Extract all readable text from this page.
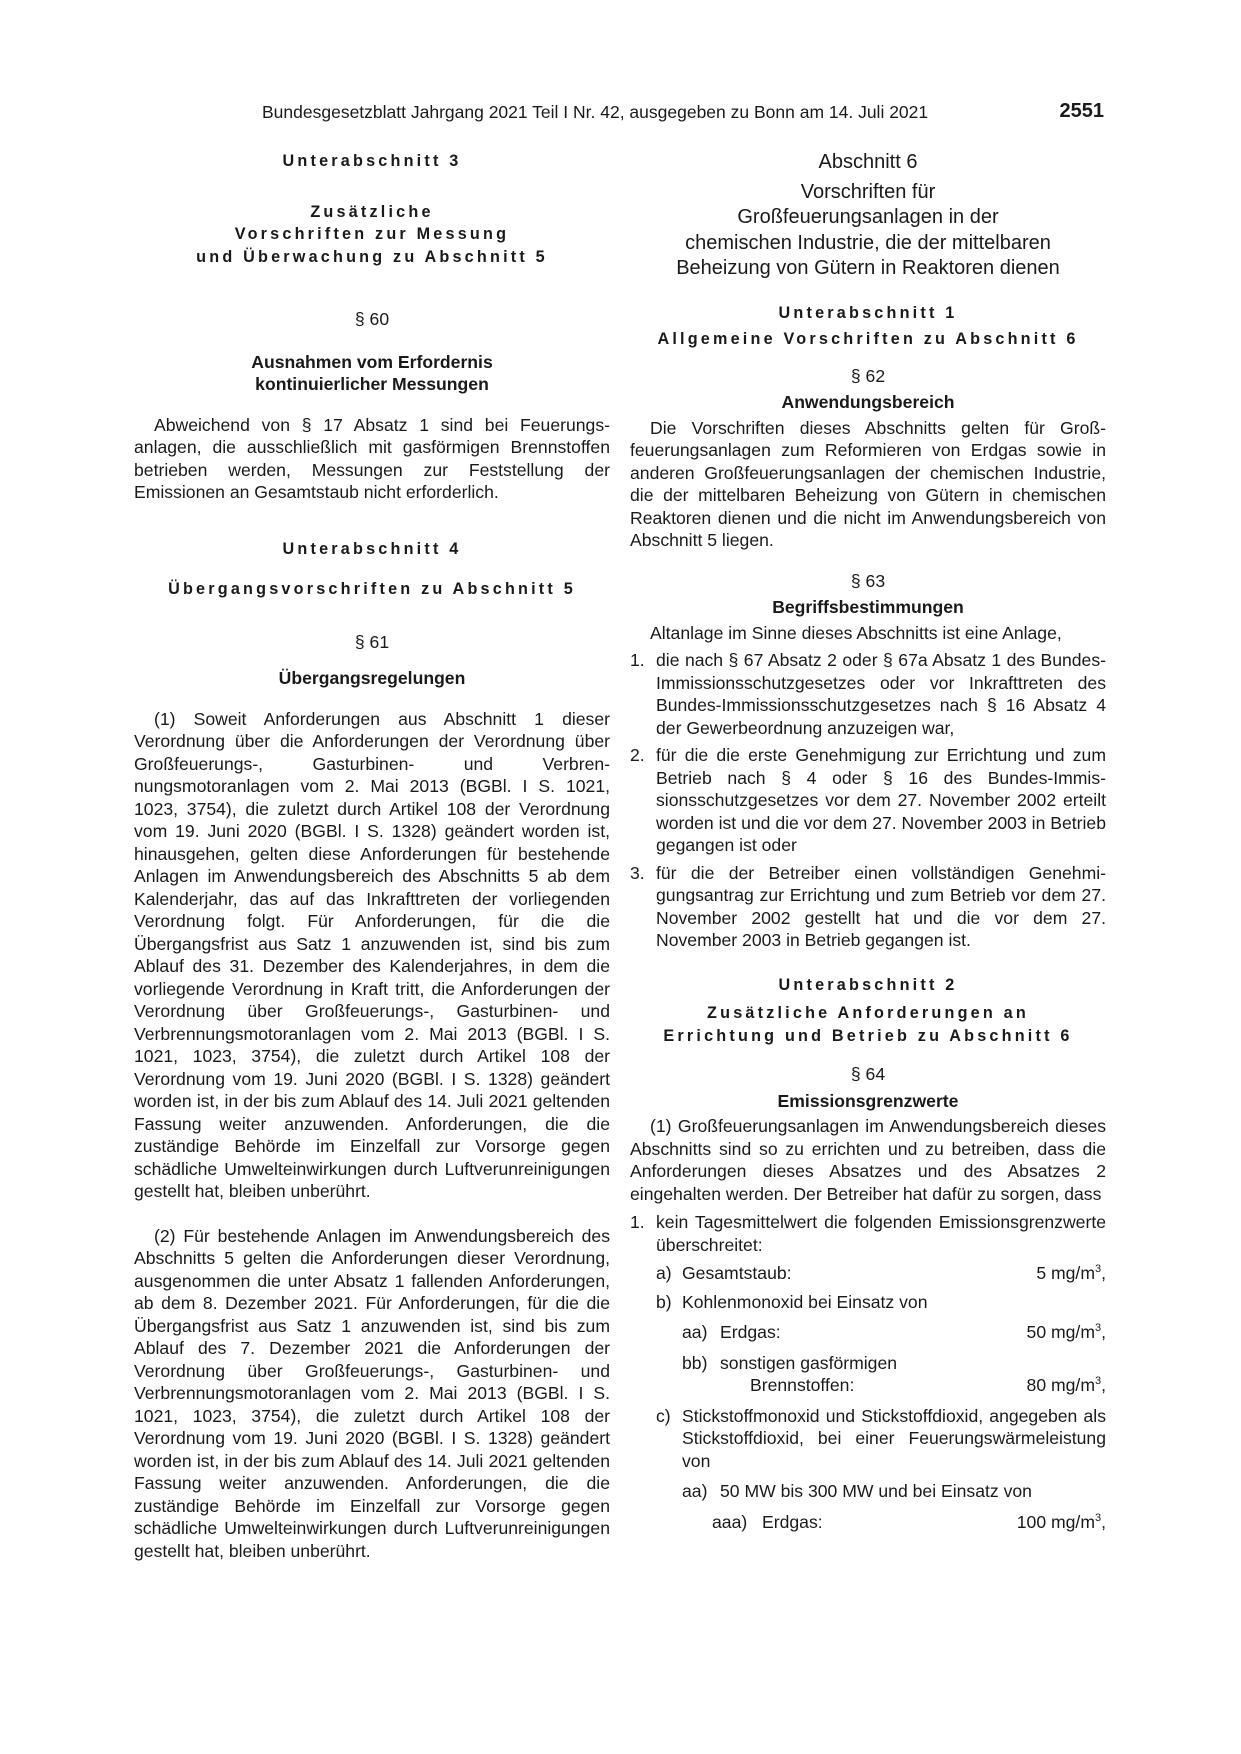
Bundesgesetzblatt Jahrgang 2021 Teil I Nr. 42, ausgegeben zu Bonn am 14. Juli 2021	2551
Unterabschnitt 3
Zusätzliche
Vorschriften zur Messung
und Überwachung zu Abschnitt 5
§ 60
Ausnahmen vom Erfordernis
kontinuierlicher Messungen
Abweichend von § 17 Absatz 1 sind bei Feuerungsanlagen, die ausschließlich mit gasförmigen Brennstoffen betrieben werden, Messungen zur Feststellung der Emissionen an Gesamtstaub nicht erforderlich.
Unterabschnitt 4
Übergangsvorschriften zu Abschnitt 5
§ 61
Übergangsregelungen
(1) Soweit Anforderungen aus Abschnitt 1 dieser Verordnung über die Anforderungen der Verordnung über Großfeuerungs-, Gasturbinen- und Verbrennungsmotoranlagen vom 2. Mai 2013 (BGBl. I S. 1021, 1023, 3754), die zuletzt durch Artikel 108 der Verordnung vom 19. Juni 2020 (BGBl. I S. 1328) geändert worden ist, hinausgehen, gelten diese Anforderungen für bestehende Anlagen im Anwendungsbereich des Abschnitts 5 ab dem Kalenderjahr, das auf das Inkrafttreten der vorliegenden Verordnung folgt. Für Anforderungen, für die die Übergangsfrist aus Satz 1 anzuwenden ist, sind bis zum Ablauf des 31. Dezember des Kalenderjahres, in dem die vorliegende Verordnung in Kraft tritt, die Anforderungen der Verordnung über Großfeuerungs-, Gasturbinen- und Verbrennungsmotoranlagen vom 2. Mai 2013 (BGBl. I S. 1021, 1023, 3754), die zuletzt durch Artikel 108 der Verordnung vom 19. Juni 2020 (BGBl. I S. 1328) geändert worden ist, in der bis zum Ablauf des 14. Juli 2021 geltenden Fassung weiter anzuwenden. Anforderungen, die die zuständige Behörde im Einzelfall zur Vorsorge gegen schädliche Umwelteinwirkungen durch Luftverunreinigungen gestellt hat, bleiben unberührt.
(2) Für bestehende Anlagen im Anwendungsbereich des Abschnitts 5 gelten die Anforderungen dieser Verordnung, ausgenommen die unter Absatz 1 fallenden Anforderungen, ab dem 8. Dezember 2021. Für Anforderungen, für die die Übergangsfrist aus Satz 1 anzuwenden ist, sind bis zum Ablauf des 7. Dezember 2021 die Anforderungen der Verordnung über Großfeuerungs-, Gasturbinen- und Verbrennungsmotoranlagen vom 2. Mai 2013 (BGBl. I S. 1021, 1023, 3754), die zuletzt durch Artikel 108 der Verordnung vom 19. Juni 2020 (BGBl. I S. 1328) geändert worden ist, in der bis zum Ablauf des 14. Juli 2021 geltenden Fassung weiter anzuwenden. Anforderungen, die die zuständige Behörde im Einzelfall zur Vorsorge gegen schädliche Umwelteinwirkungen durch Luftverunreinigungen gestellt hat, bleiben unberührt.
Abschnitt 6
Vorschriften für
Großfeuerungsanlagen in der
chemischen Industrie, die der mittelbaren
Beheizung von Gütern in Reaktoren dienen
Unterabschnitt 1
Allgemeine Vorschriften zu Abschnitt 6
§ 62
Anwendungsbereich
Die Vorschriften dieses Abschnitts gelten für Großfeuerungsanlagen zum Reformieren von Erdgas sowie in anderen Großfeuerungsanlagen der chemischen Industrie, die der mittelbaren Beheizung von Gütern in chemischen Reaktoren dienen und die nicht im Anwendungsbereich von Abschnitt 5 liegen.
§ 63
Begriffsbestimmungen
Altanlage im Sinne dieses Abschnitts ist eine Anlage,
1. die nach § 67 Absatz 2 oder § 67a Absatz 1 des Bundes-Immissionsschutzgesetzes oder vor Inkrafttreten des Bundes-Immissionsschutzgesetzes nach § 16 Absatz 4 der Gewerbeordnung anzuzeigen war,
2. für die die erste Genehmigung zur Errichtung und zum Betrieb nach § 4 oder § 16 des Bundes-Immissionsschutzgesetzes vor dem 27. November 2002 erteilt worden ist und die vor dem 27. November 2003 in Betrieb gegangen ist oder
3. für die der Betreiber einen vollständigen Genehmigungsantrag zur Errichtung und zum Betrieb vor dem 27. November 2002 gestellt hat und die vor dem 27. November 2003 in Betrieb gegangen ist.
Unterabschnitt 2
Zusätzliche Anforderungen an
Errichtung und Betrieb zu Abschnitt 6
§ 64
Emissionsgrenzwerte
(1) Großfeuerungsanlagen im Anwendungsbereich dieses Abschnitts sind so zu errichten und zu betreiben, dass die Anforderungen dieses Absatzes und des Absatzes 2 eingehalten werden. Der Betreiber hat dafür zu sorgen, dass
1. kein Tagesmittelwert die folgenden Emissionsgrenzwerte überschreitet:
a) Gesamtstaub:	5 $mg/m^3$,
b) Kohlenmonoxid bei Einsatz von
aa) Erdgas:	50 $mg/m^3$,
bb) sonstigen gasförmigen
Brennstoffen:	80 $mg/m^3$,
c) Stickstoffmonoxid und Stickstoffdioxid, angegeben als Stickstoffdioxid, bei einer Feuerungswärmeleistung von
aa) 50 MW bis 300 MW und bei Einsatz von
aaa) Erdgas:	100 $mg/m^3$,
